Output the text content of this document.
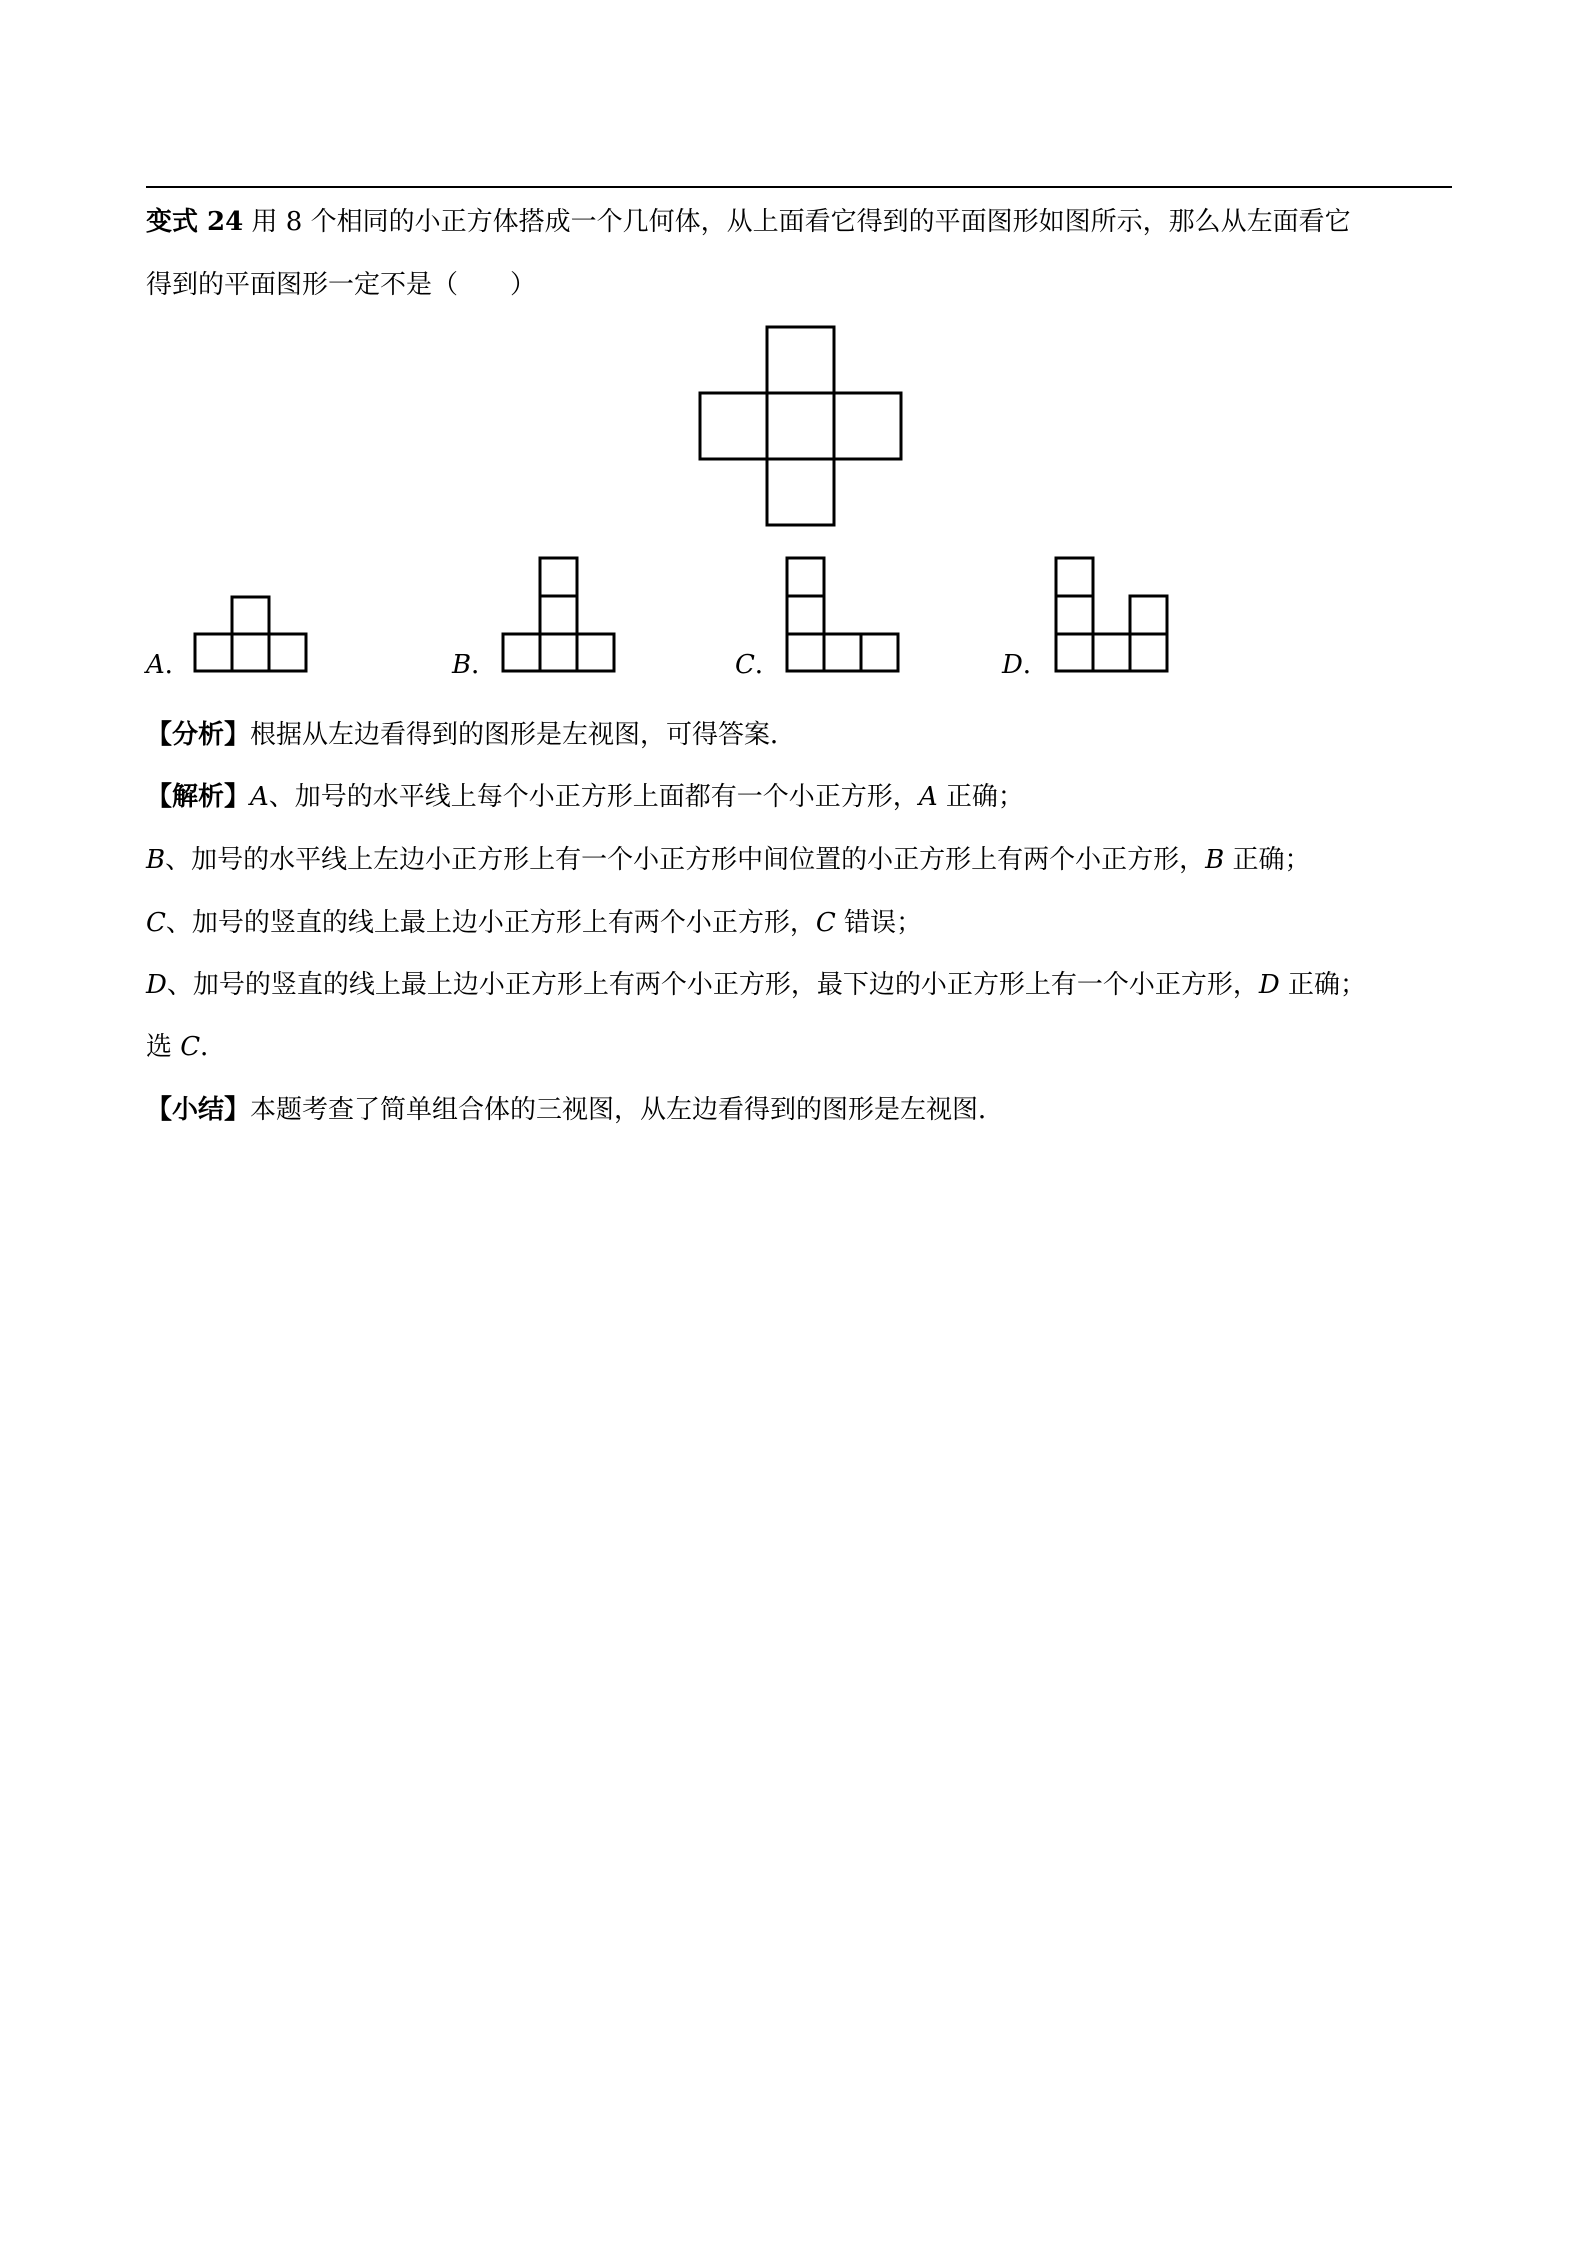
变式 24 用 8 个相同的小正方体搭成一个几何体，从上面看它得到的平面图形如图所示，那么从左面看它
得到的平面图形一定不是（　　）
A．	B．	C．	D．
【分析】根据从左边看得到的图形是左视图，可得答案．
【解析】A、加号的水平线上每个小正方形上面都有一个小正方形，A 正确；
B、加号的水平线上左边小正方形上有一个小正方形中间位置的小正方形上有两个小正方形，B 正确；
C、加号的竖直的线上最上边小正方形上有两个小正方形，C 错误；
D、加号的竖直的线上最上边小正方形上有两个小正方形，最下边的小正方形上有一个小正方形，D 正确；
选 C．
【小结】本题考查了简单组合体的三视图，从左边看得到的图形是左视图．
